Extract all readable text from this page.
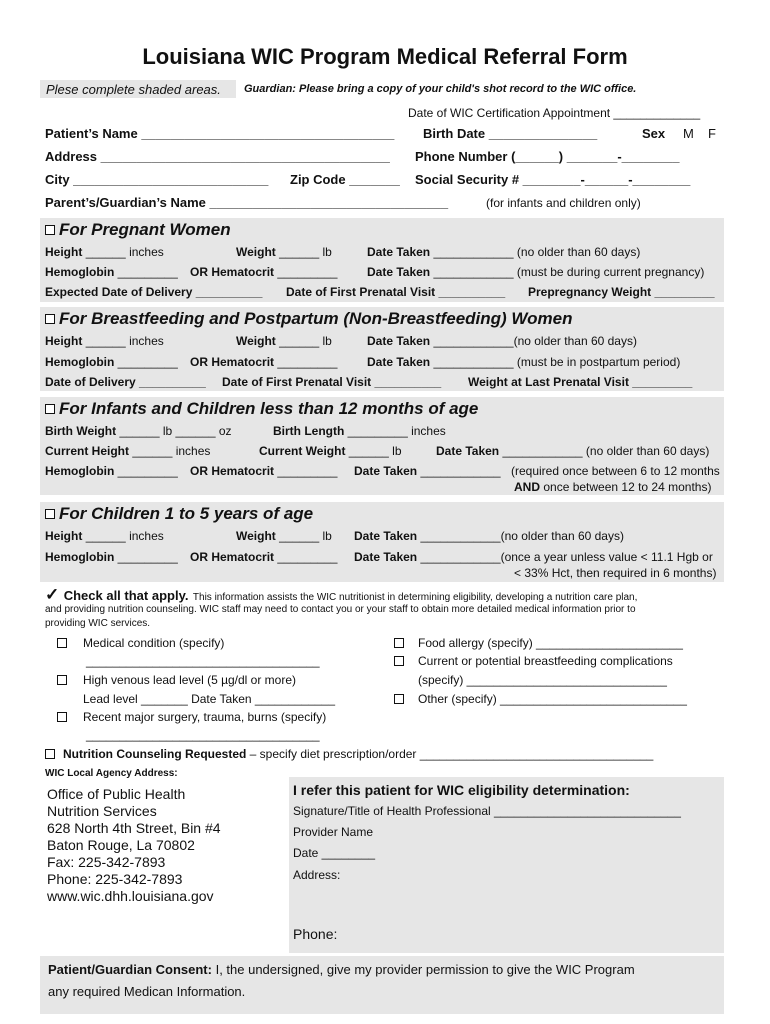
Louisiana WIC Program Medical Referral Form
Plese complete shaded areas. Guardian: Please bring a copy of your child's shot record to the WIC office.
Date of WIC Certification Appointment _____________
Patient’s Name ___________________________________ Birth Date _______________	Sex M F
Address ________________________________________ Phone Number (______) _______-________
City ___________________________ Zip Code _______ Social Security # ________-______-________
Parent’s/Guardian’s Name _________________________________	(for infants and children only)
For Pregnant Women
Height ______ inches	Weight ______ lb	Date Taken ____________ (no older than 60 days)
Hemoglobin _________ OR Hematocrit _________ Date Taken ____________ (must be during current pregnancy)
Expected Date of Delivery __________ Date of First Prenatal Visit __________ Prepregnancy Weight _________
For Breastfeeding and Postpartum (Non-Breastfeeding) Women
Height ______ inches	Weight ______ lb	Date Taken ____________(no older than 60 days)
Hemoglobin _________ OR Hematocrit _________ Date Taken ____________ (must be in postpartum period)
Date of Delivery __________ Date of First Prenatal Visit __________ Weight at Last Prenatal Visit _________
For Infants and Children less than 12 months of age
Birth Weight ______ lb ______ oz	Birth Length _________ inches
Current Height ______ inches	Current Weight ______ lb	Date Taken ____________ (no older than 60 days)
Hemoglobin _________ OR Hematocrit _________ Date Taken ____________ (required once between 6 to 12 months
AND once between 12 to 24 months)
For Children 1 to 5 years of age
Height ______ inches	Weight ______ lb Date Taken ____________(no older than 60 days)
Hemoglobin _________ OR Hematocrit _________ Date Taken ____________(once a year unless value < 11.1 Hgb or
< 33% Hct, then required in 6 months)
✓ Check all that apply. This information assists the WIC nutritionist in determining eligibility, developing a nutrition care plan,
and providing nutrition counseling. WIC staff may need to contact you or your staff to obtain more detailed medical information prior to
providing WIC services.
Medical condition (specify)
___________________________________
High venous lead level (5 µg/dl or more)
Lead level _______ Date Taken ____________
Recent major surgery, trauma, burns (specify)
___________________________________
Food allergy (specify) ______________________
Current or potential breastfeeding complications
(specify) ______________________________
Other (specify) ____________________________
Nutrition Counseling Requested – specify diet prescription/order ___________________________________
WIC Local Agency Address:
Office of Public Health
Nutrition Services
628 North 4th Street, Bin #4
Baton Rouge, La 70802
Fax: 225-342-7893
Phone: 225-342-7893
www.wic.dhh.louisiana.gov
I refer this patient for WIC eligibility determination:
Signature/Title of Health Professional ____________________________
Provider Name
Date ________
Address:
Phone:
Patient/Guardian Consent: I, the undersigned, give my provider permission to give the WIC Program
any required Medican Information.
